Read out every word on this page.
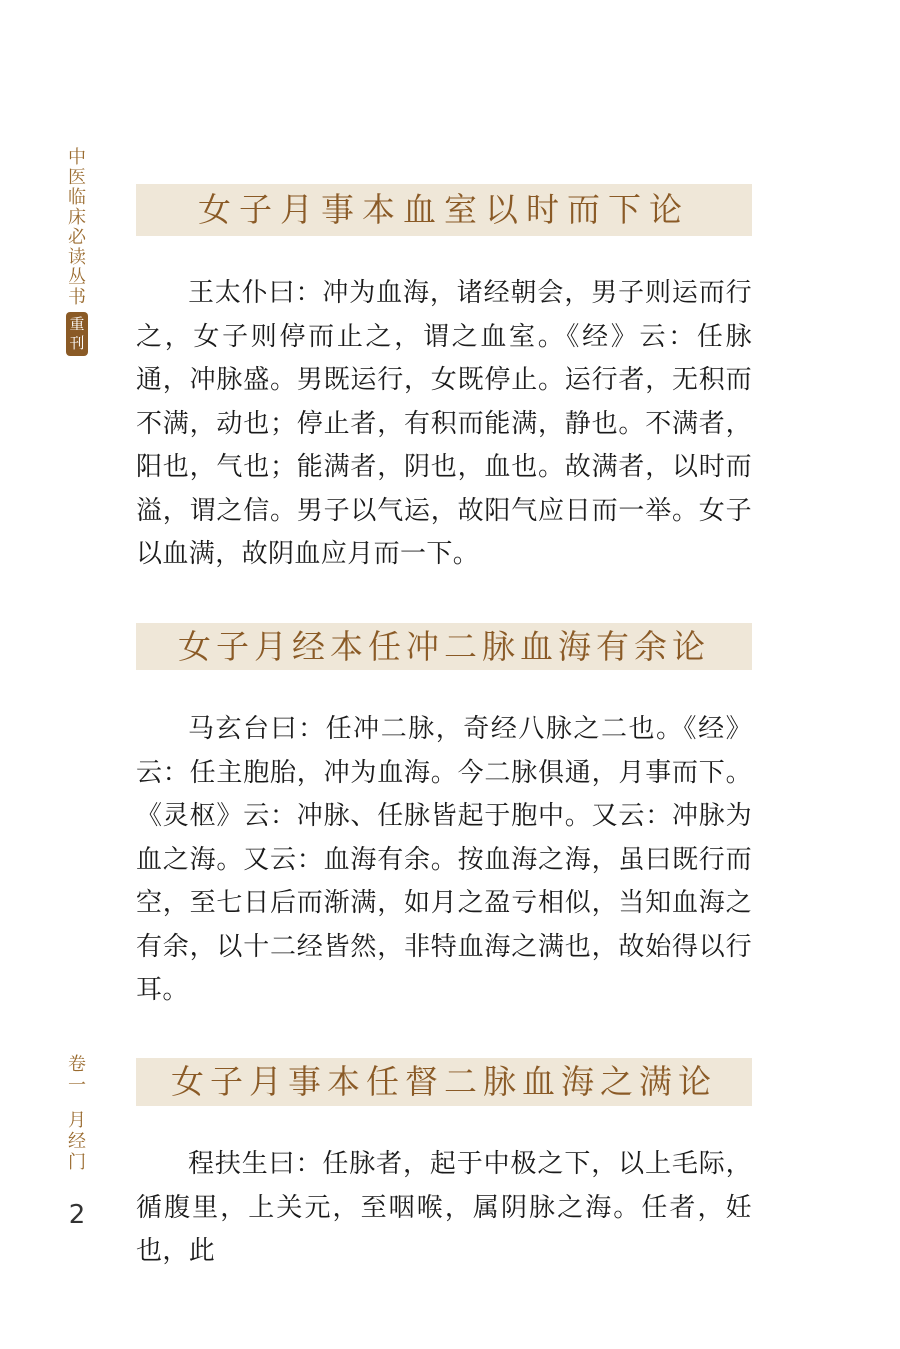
中
医
临
床
必
读
丛
书
重刊
女子月事本血室以时而下论

王太仆曰：冲为血海，诸经朝会，男子则运而行之，女子则停而止之，谓之血室。《经》云：任脉通，冲脉盛。男既运行，女既停止。运行者，无积而不满，动也；停止者，有积而能满，静也。不满者，阳也，气也；能满者，阴也，血也。故满者，以时而溢，谓之信。男子以气运，故阳气应日而一举。女子以血满，故阴血应月而一下。

女子月经本任冲二脉血海有余论

马玄台曰：任冲二脉，奇经八脉之二也。《经》云：任主胞胎，冲为血海。今二脉俱通，月事而下。《灵枢》云：冲脉、任脉皆起于胞中。又云：冲脉为血之海。又云：血海有余。按血海之海，虽曰既行而空，至七日后而渐满，如月之盈亏相似，当知血海之有余，以十二经皆然，非特血海之满也，故始得以行耳。

卷
一
月
经
门
女子月事本任督二脉血海之满论

程扶生曰：任脉者，起于中极之下，以上毛际，循腹里，上关元，至咽喉，属阴脉之海。任者，妊也，此

2
